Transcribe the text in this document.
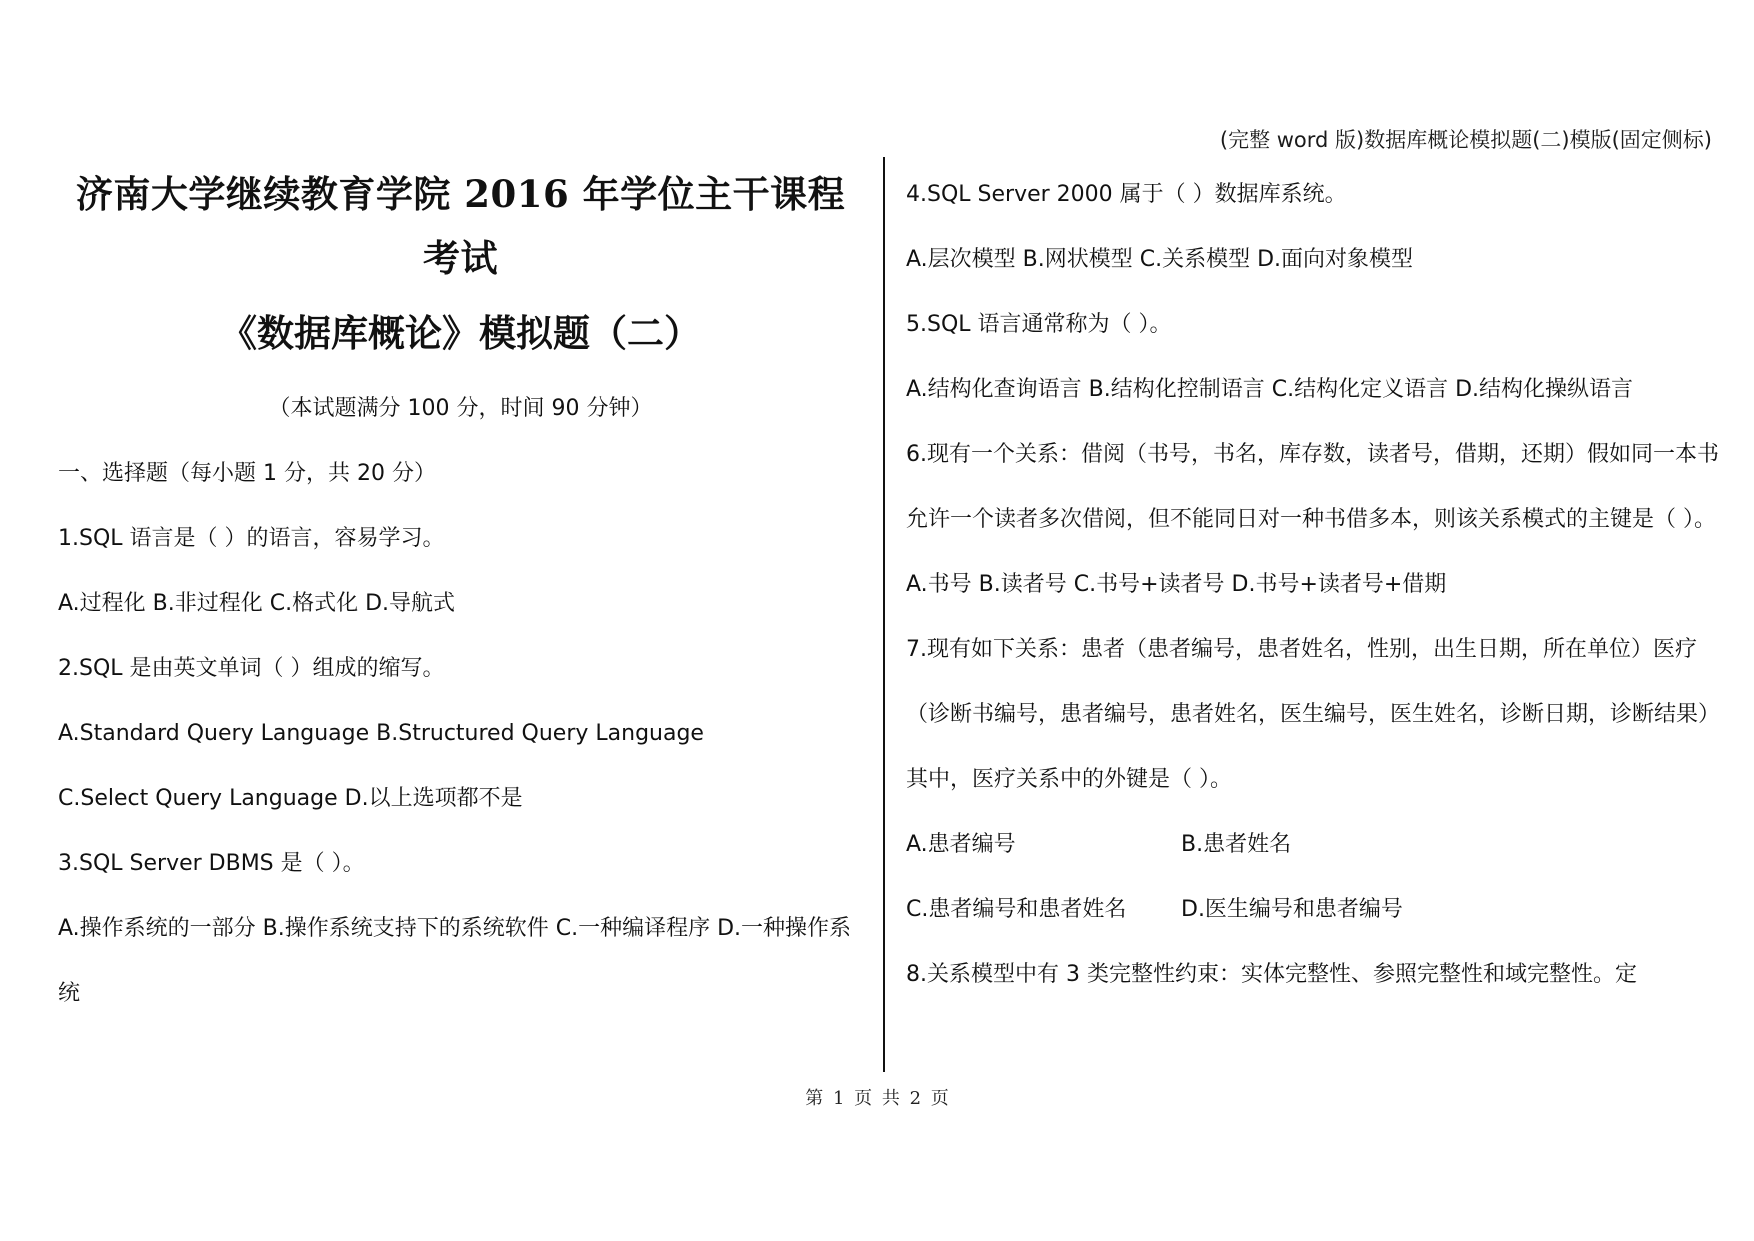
(完整 word 版)数据库概论模拟题(二)模版(固定侧标)
济南大学继续教育学院 2016 年学位主干课程
考试
《数据库概论》模拟题（二）
（本试题满分 100 分，时间 90 分钟）
一、选择题（每小题 1 分，共 20 分）
1.SQL 语言是（ ）的语言，容易学习。
A.过程化 B.非过程化 C.格式化 D.导航式
2.SQL 是由英文单词（ ）组成的缩写。
A.Standard Query Language B.Structured Query Language
C.Select Query Language D.以上选项都不是
3.SQL Server DBMS 是（ ）。
A.操作系统的一部分 B.操作系统支持下的系统软件 C.一种编译程序 D.一种操作系统
4.SQL Server 2000 属于（ ）数据库系统。
A.层次模型 B.网状模型 C.关系模型 D.面向对象模型
5.SQL 语言通常称为（ ）。
A.结构化查询语言 B.结构化控制语言 C.结构化定义语言 D.结构化操纵语言
6.现有一个关系：借阅（书号，书名，库存数，读者号，借期，还期）假如同一本书允许一个读者多次借阅，但不能同日对一种书借多本，则该关系模式的主键是（ ）。
A.书号 B.读者号 C.书号+读者号 D.书号+读者号+借期
7.现有如下关系：患者（患者编号，患者姓名，性别，出生日期，所在单位）医疗（诊断书编号，患者编号，患者姓名，医生编号，医生姓名，诊断日期，诊断结果）其中，医疗关系中的外键是（ ）。
A.患者编号	B.患者姓名
C.患者编号和患者姓名	D.医生编号和患者编号
8.关系模型中有 3 类完整性约束：实体完整性、参照完整性和域完整性。定
第 1 页 共 2 页
